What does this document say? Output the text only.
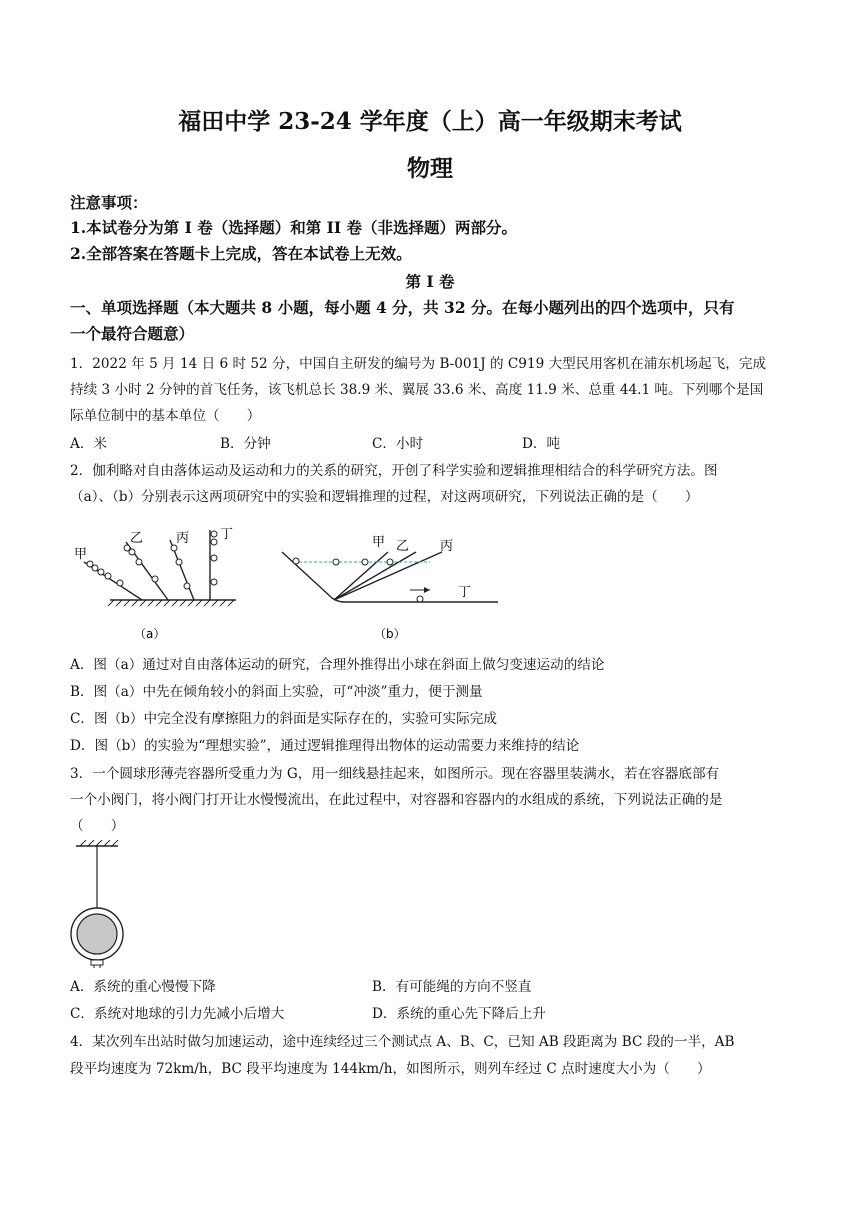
福田中学 23-24 学年度（上）高一年级期末考试
物理
注意事项：
1.本试卷分为第 I 卷（选择题）和第 II 卷（非选择题）两部分。
2.全部答案在答题卡上完成，答在本试卷上无效。
第 I 卷
一、单项选择题（本大题共 8 小题，每小题 4 分，共 32 分。在每小题列出的四个选项中，只有
一个最符合题意）
1．2022 年 5 月 14 日 6 时 52 分，中国自主研发的编号为 B-001J 的 C919 大型民用客机在浦东机场起飞，完成
持续 3 小时 2 分钟的首飞任务，该飞机总长 38.9 米、翼展 33.6 米、高度 11.9 米、总重 44.1 吨。下列哪个是国
际单位制中的基本单位（　　）
A．米	B．分钟	C．小时	D．吨
2．伽利略对自由落体运动及运动和力的关系的研究，开创了科学实验和逻辑推理相结合的科学研究方法。图
（a）、（b）分别表示这两项研究中的实验和逻辑推理的过程，对这两项研究，下列说法正确的是（　　）
甲
乙	丙 丁
（a）
甲 乙 丙
丁
（b）
A．图（a）通过对自由落体运动的研究，合理外推得出小球在斜面上做匀变速运动的结论
B．图（a）中先在倾角较小的斜面上实验，可“冲淡”重力，便于测量
C．图（b）中完全没有摩擦阻力的斜面是实际存在的，实验可实际完成
D．图（b）的实验为“理想实验”，通过逻辑推理得出物体的运动需要力来维持的结论
3．一个圆球形薄壳容器所受重力为 G，用一细线悬挂起来，如图所示。现在容器里装满水，若在容器底部有
一个小阀门，将小阀门打开让水慢慢流出，在此过程中，对容器和容器内的水组成的系统，下列说法正确的是
（　　）
A．系统的重心慢慢下降	B．有可能绳的方向不竖直
C．系统对地球的引力先减小后增大	D．系统的重心先下降后上升
4．某次列车出站时做匀加速运动，途中连续经过三个测试点 A、B、C，已知 AB 段距离为 BC 段的一半，AB
段平均速度为 72km/h，BC 段平均速度为 144km/h，如图所示，则列车经过 C 点时速度大小为（　　）
